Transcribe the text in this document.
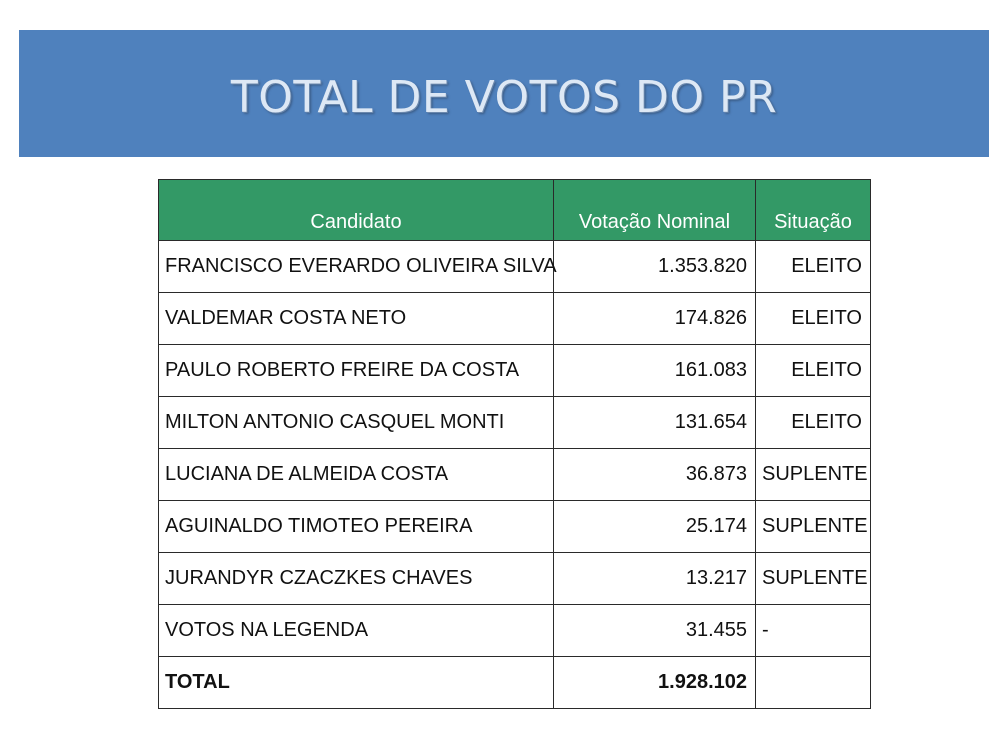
TOTAL DE VOTOS DO PR
Candidato	Votação Nominal	Situação
FRANCISCO EVERARDO OLIVEIRA SILVA	1.353.820	ELEITO
VALDEMAR COSTA NETO	174.826	ELEITO
PAULO ROBERTO FREIRE DA COSTA	161.083	ELEITO
MILTON ANTONIO CASQUEL MONTI	131.654	ELEITO
LUCIANA DE ALMEIDA COSTA	36.873	SUPLENTE
AGUINALDO TIMOTEO PEREIRA	25.174	SUPLENTE
JURANDYR CZACZKES CHAVES	13.217	SUPLENTE
VOTOS NA LEGENDA	31.455	-
TOTAL	1.928.102	
